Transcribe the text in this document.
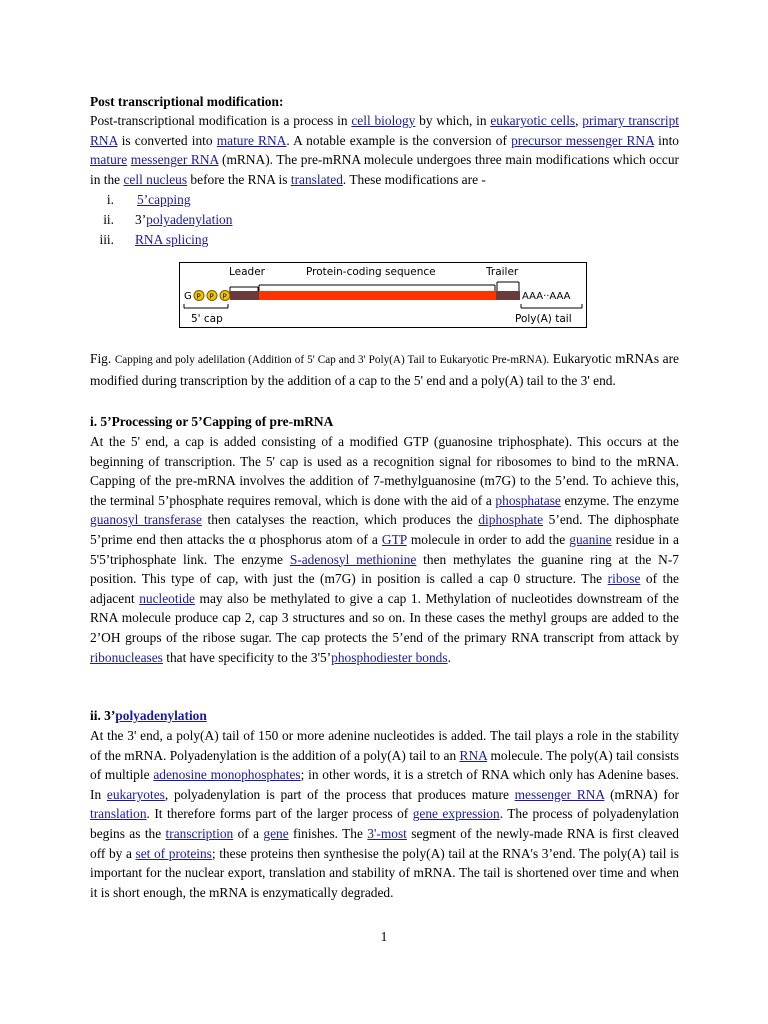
Post transcriptional modification:
Post-transcriptional modification is a process in cell biology by which, in eukaryotic cells, primary transcript RNA is converted into mature RNA. A notable example is the conversion of precursor messenger RNA into mature messenger RNA (mRNA). The pre-mRNA molecule undergoes three main modifications which occur in the cell nucleus before the RNA is translated. These modifications are -
i. 5’capping
ii. 3’polyadenylation
iii. RNA splicing
Leader	Protein-coding sequence	Trailer
G P P P	AAA··AAA
5' cap	Poly(A) tail
Fig. Capping and poly adelilation (Addition of 5' Cap and 3' Poly(A) Tail to Eukaryotic Pre-mRNA). Eukaryotic mRNAs are modified during transcription by the addition of a cap to the 5' end and a poly(A) tail to the 3' end.
i. 5’Processing or 5’Capping of pre-mRNA
At the 5' end, a cap is added consisting of a modified GTP (guanosine triphosphate). This occurs at the beginning of transcription. The 5' cap is used as a recognition signal for ribosomes to bind to the mRNA. Capping of the pre-mRNA involves the addition of 7-methylguanosine (m7G) to the 5’end. To achieve this, the terminal 5’phosphate requires removal, which is done with the aid of a phosphatase enzyme. The enzyme guanosyl transferase then catalyses the reaction, which produces the diphosphate 5’end. The diphosphate 5’prime end then attacks the α phosphorus atom of a GTP molecule in order to add the guanine residue in a 5'5’triphosphate link. The enzyme S-adenosyl methionine then methylates the guanine ring at the N-7 position. This type of cap, with just the (m7G) in position is called a cap 0 structure. The ribose of the adjacent nucleotide may also be methylated to give a cap 1. Methylation of nucleotides downstream of the RNA molecule produce cap 2, cap 3 structures and so on. In these cases the methyl groups are added to the 2’OH groups of the ribose sugar. The cap protects the 5’end of the primary RNA transcript from attack by ribonucleases that have specificity to the 3'5’phosphodiester bonds.
ii. 3’polyadenylation
At the 3' end, a poly(A) tail of 150 or more adenine nucleotides is added. The tail plays a role in the stability of the mRNA. Polyadenylation is the addition of a poly(A) tail to an RNA molecule. The poly(A) tail consists of multiple adenosine monophosphates; in other words, it is a stretch of RNA which only has Adenine bases. In eukaryotes, polyadenylation is part of the process that produces mature messenger RNA (mRNA) for translation. It therefore forms part of the larger process of gene expression. The process of polyadenylation begins as the transcription of a gene finishes. The 3'-most segment of the newly-made RNA is first cleaved off by a set of proteins; these proteins then synthesise the poly(A) tail at the RNA's 3’end. The poly(A) tail is important for the nuclear export, translation and stability of mRNA. The tail is shortened over time and when it is short enough, the mRNA is enzymatically degraded.
1
